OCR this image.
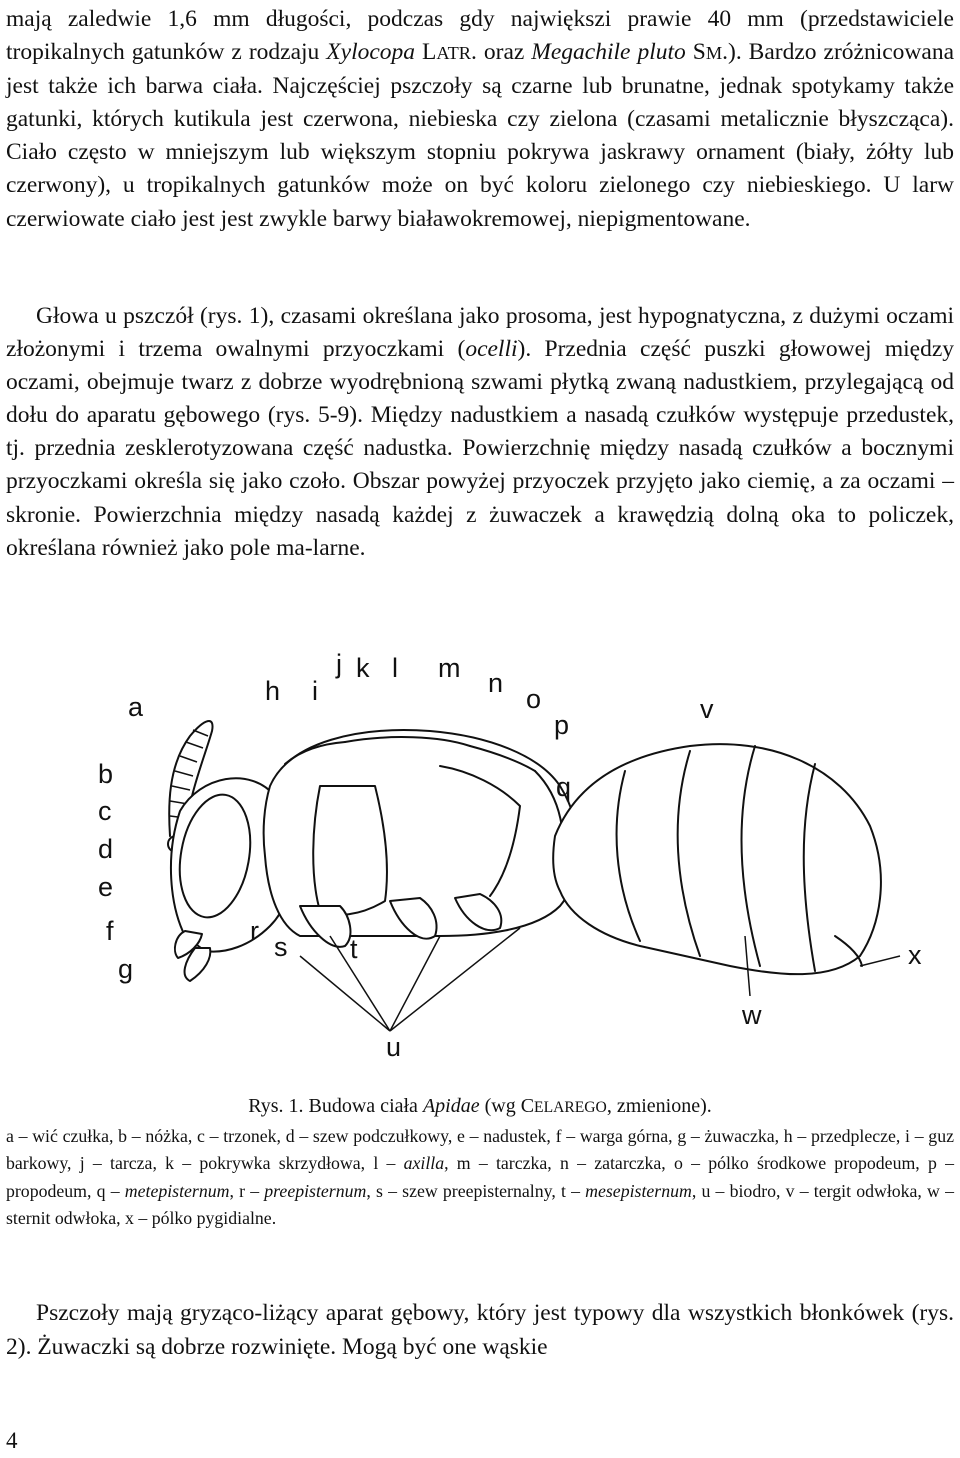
mają zaledwie 1,6 mm długości, podczas gdy największi prawie 40 mm (przedstawiciele tropikalnych gatunków z rodzaju Xylocopa LATR. oraz Megachile pluto SM.). Bardzo zróżnicowana jest także ich barwa ciała. Najczęściej pszczoły są czarne lub brunatne, jednak spotykamy także gatunki, których kutikula jest czerwona, niebieska czy zielona (czasami metalicznie błyszcząca). Ciało często w mniejszym lub większym stopniu pokrywa jaskrawy ornament (biały, żółty lub czerwony), u tropikalnych gatunków może on być koloru zielonego czy niebieskiego. U larw czerwiowate ciało jest jest zwykle barwy białawokremowej, niepigmentowane.

Głowa u pszczół (rys. 1), czasami określana jako prosoma, jest hypognatyczna, z dużymi oczami złożonymi i trzema owalnymi przyoczkami (ocelli). Przednia część puszki głowowej między oczami, obejmuje twarz z dobrze wyodrębnioną szwami płytką zwaną nadustkiem, przylegającą od dołu do aparatu gębowego (rys. 5-9). Między nadustkiem a nasadą czułków występuje przedustek, tj. przednia zesklerotyzowana część nadustka. Powierzchnię między nasadą czułków a bocznymi przyoczkami określa się jako czoło. Obszar powyżej przyoczek przyjęto jako ciemię, a za oczami – skronie. Powierzchnia między nasadą każdej z żuwaczek a krawędzią dolną oka to policzek, określana również jako pole ma-larne.

a
b
c
d
e
f
g
h i
j k l m n
o
p
q
r
s t
u
v
w
x
Rys. 1. Budowa ciała Apidae (wg CELAREGO, zmienione).

a – wić czułka, b – nóżka, c – trzonek, d – szew podczułkowy, e – nadustek, f – warga górna, g – żuwaczka, h – przedplecze, i – guz barkowy, j – tarcza, k – pokrywka skrzydłowa, l – axilla, m – tarczka, n – zatarczka, o – pólko środkowe propodeum, p – propodeum, q – metepisternum, r – preepisternum, s – szew preepisternalny, t – mesepisternum, u – biodro, v – tergit odwłoka, w – sternit odwłoka, x – pólko pygidialne.

Pszczoły mają gryząco-liżący aparat gębowy, który jest typowy dla wszystkich błonkówek (rys. 2). Żuwaczki są dobrze rozwinięte. Mogą być one wąskie

4
